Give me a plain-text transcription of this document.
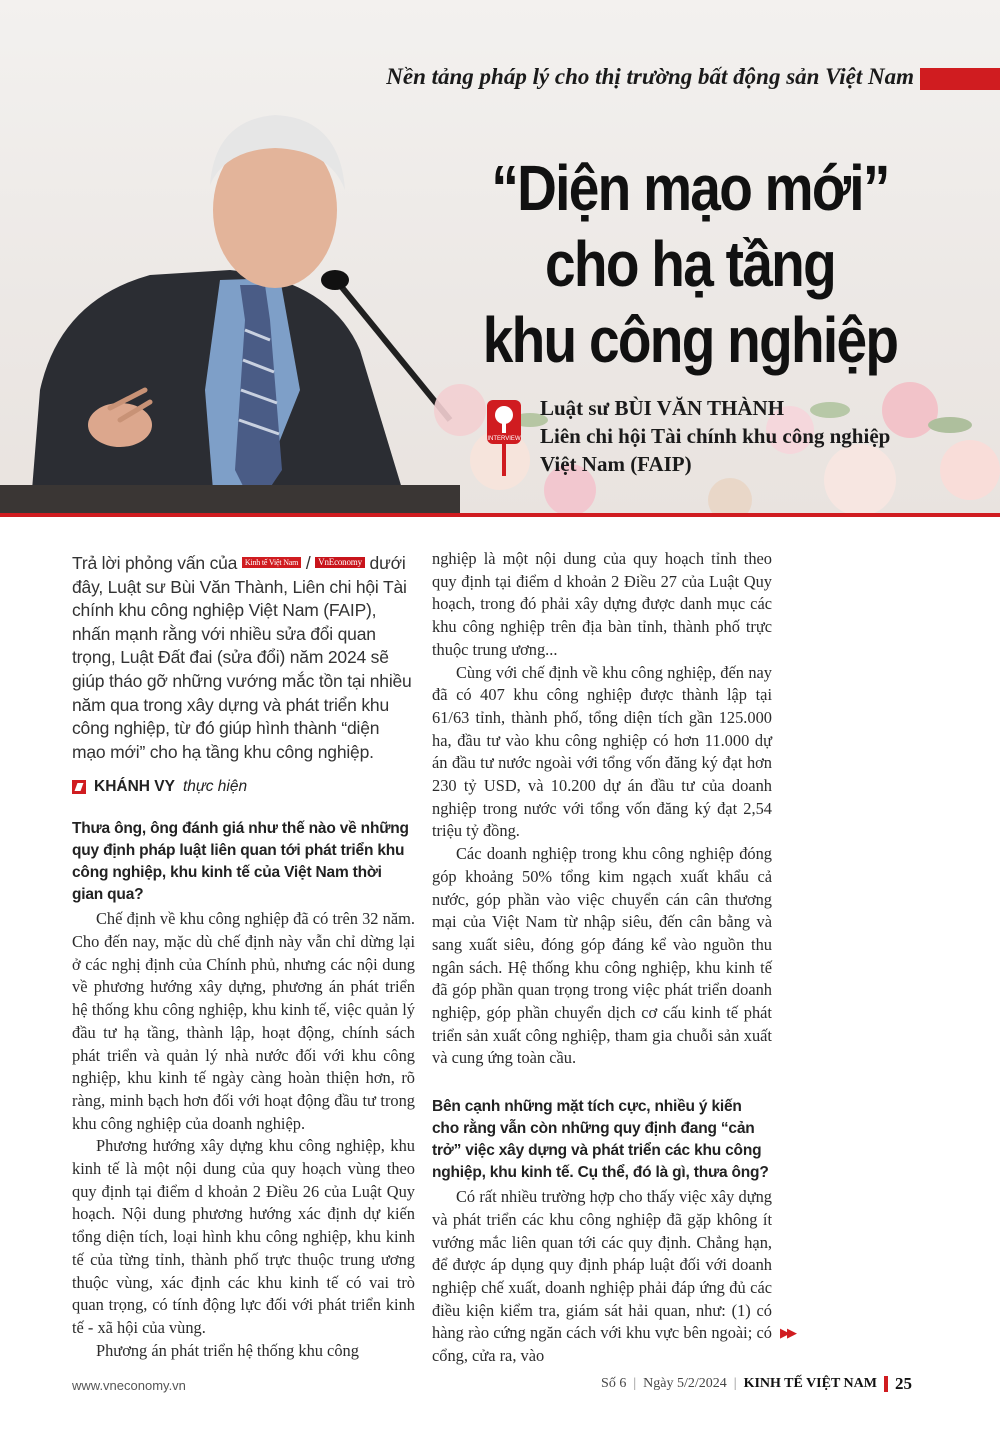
Nền tảng pháp lý cho thị trường bất động sản Việt Nam
“Diện mạo mới”
cho hạ tầng
khu công nghiệp
INTERVIEW
Luật sư BÙI VĂN THÀNH
Liên chi hội Tài chính khu công nghiệp
Việt Nam (FAIP)

Trả lời phỏng vấn của Kinh tế Việt Nam / VnEconomy dưới đây, Luật sư Bùi Văn Thành, Liên chi hội Tài chính khu công nghiệp Việt Nam (FAIP), nhấn mạnh rằng với nhiều sửa đổi quan trọng, Luật Đất đai (sửa đổi) năm 2024 sẽ giúp tháo gỡ những vướng mắc tồn tại nhiều năm qua trong xây dựng và phát triển khu công nghiệp, từ đó giúp hình thành “diện mạo mới” cho hạ tầng khu công nghiệp.

KHÁNH VY thực hiện
Thưa ông, ông đánh giá như thế nào về những quy định pháp luật liên quan tới phát triển khu công nghiệp, khu kinh tế của Việt Nam thời gian qua?

Chế định về khu công nghiệp đã có trên 32 năm. Cho đến nay, mặc dù chế định này vẫn chỉ dừng lại ở các nghị định của Chính phủ, nhưng các nội dung về phương hướng xây dựng, phương án phát triển hệ thống khu công nghiệp, khu kinh tế, việc quản lý đầu tư hạ tầng, thành lập, hoạt động, chính sách phát triển và quản lý nhà nước đối với khu công nghiệp, khu kinh tế ngày càng hoàn thiện hơn, rõ ràng, minh bạch hơn đối với hoạt động đầu tư trong khu công nghiệp của doanh nghiệp.

Phương hướng xây dựng khu công nghiệp, khu kinh tế là một nội dung của quy hoạch vùng theo quy định tại điểm d khoản 2 Điều 26 của Luật Quy hoạch. Nội dung phương hướng xác định dự kiến tổng diện tích, loại hình khu công nghiệp, khu kinh tế của từng tỉnh, thành phố trực thuộc trung ương thuộc vùng, xác định các khu kinh tế có vai trò quan trọng, có tính động lực đối với phát triển kinh tế - xã hội của vùng.

Phương án phát triển hệ thống khu công

nghiệp là một nội dung của quy hoạch tỉnh theo quy định tại điểm d khoản 2 Điều 27 của Luật Quy hoạch, trong đó phải xây dựng được danh mục các khu công nghiệp trên địa bàn tỉnh, thành phố trực thuộc trung ương...

Cùng với chế định về khu công nghiệp, đến nay đã có 407 khu công nghiệp được thành lập tại 61/63 tỉnh, thành phố, tổng diện tích gần 125.000 ha, đầu tư vào khu công nghiệp có hơn 11.000 dự án đầu tư nước ngoài với tổng vốn đăng ký đạt hơn 230 tỷ USD, và 10.200 dự án đầu tư của doanh nghiệp trong nước với tổng vốn đăng ký đạt 2,54 triệu tỷ đồng.

Các doanh nghiệp trong khu công nghiệp đóng góp khoảng 50% tổng kim ngạch xuất khẩu cả nước, góp phần vào việc chuyển cán cân thương mại của Việt Nam từ nhập siêu, đến cân bằng và sang xuất siêu, đóng góp đáng kể vào nguồn thu ngân sách. Hệ thống khu công nghiệp, khu kinh tế đã góp phần quan trọng trong việc phát triển doanh nghiệp, góp phần chuyển dịch cơ cấu kinh tế phát triển sản xuất công nghiệp, tham gia chuỗi sản xuất và cung ứng toàn cầu.

Bên cạnh những mặt tích cực, nhiều ý kiến cho rằng vẫn còn những quy định đang “cản trở” việc xây dựng và phát triển các khu công nghiệp, khu kinh tế. Cụ thể, đó là gì, thưa ông?

Có rất nhiều trường hợp cho thấy việc xây dựng và phát triển các khu công nghiệp đã gặp không ít vướng mắc liên quan tới các quy định. Chẳng hạn, để được áp dụng quy định pháp luật đối với doanh nghiệp chế xuất, doanh nghiệp phải đáp ứng đủ các điều kiện kiểm tra, giám sát hải quan, như: (1) có hàng rào cứng ngăn cách với khu vực bên ngoài; có cổng, cửa ra, vào

▶▶
www.vneconomy.vn	Số 6 | Ngày 5/2/2024 | KINH TẾ VIỆT NAM 25
